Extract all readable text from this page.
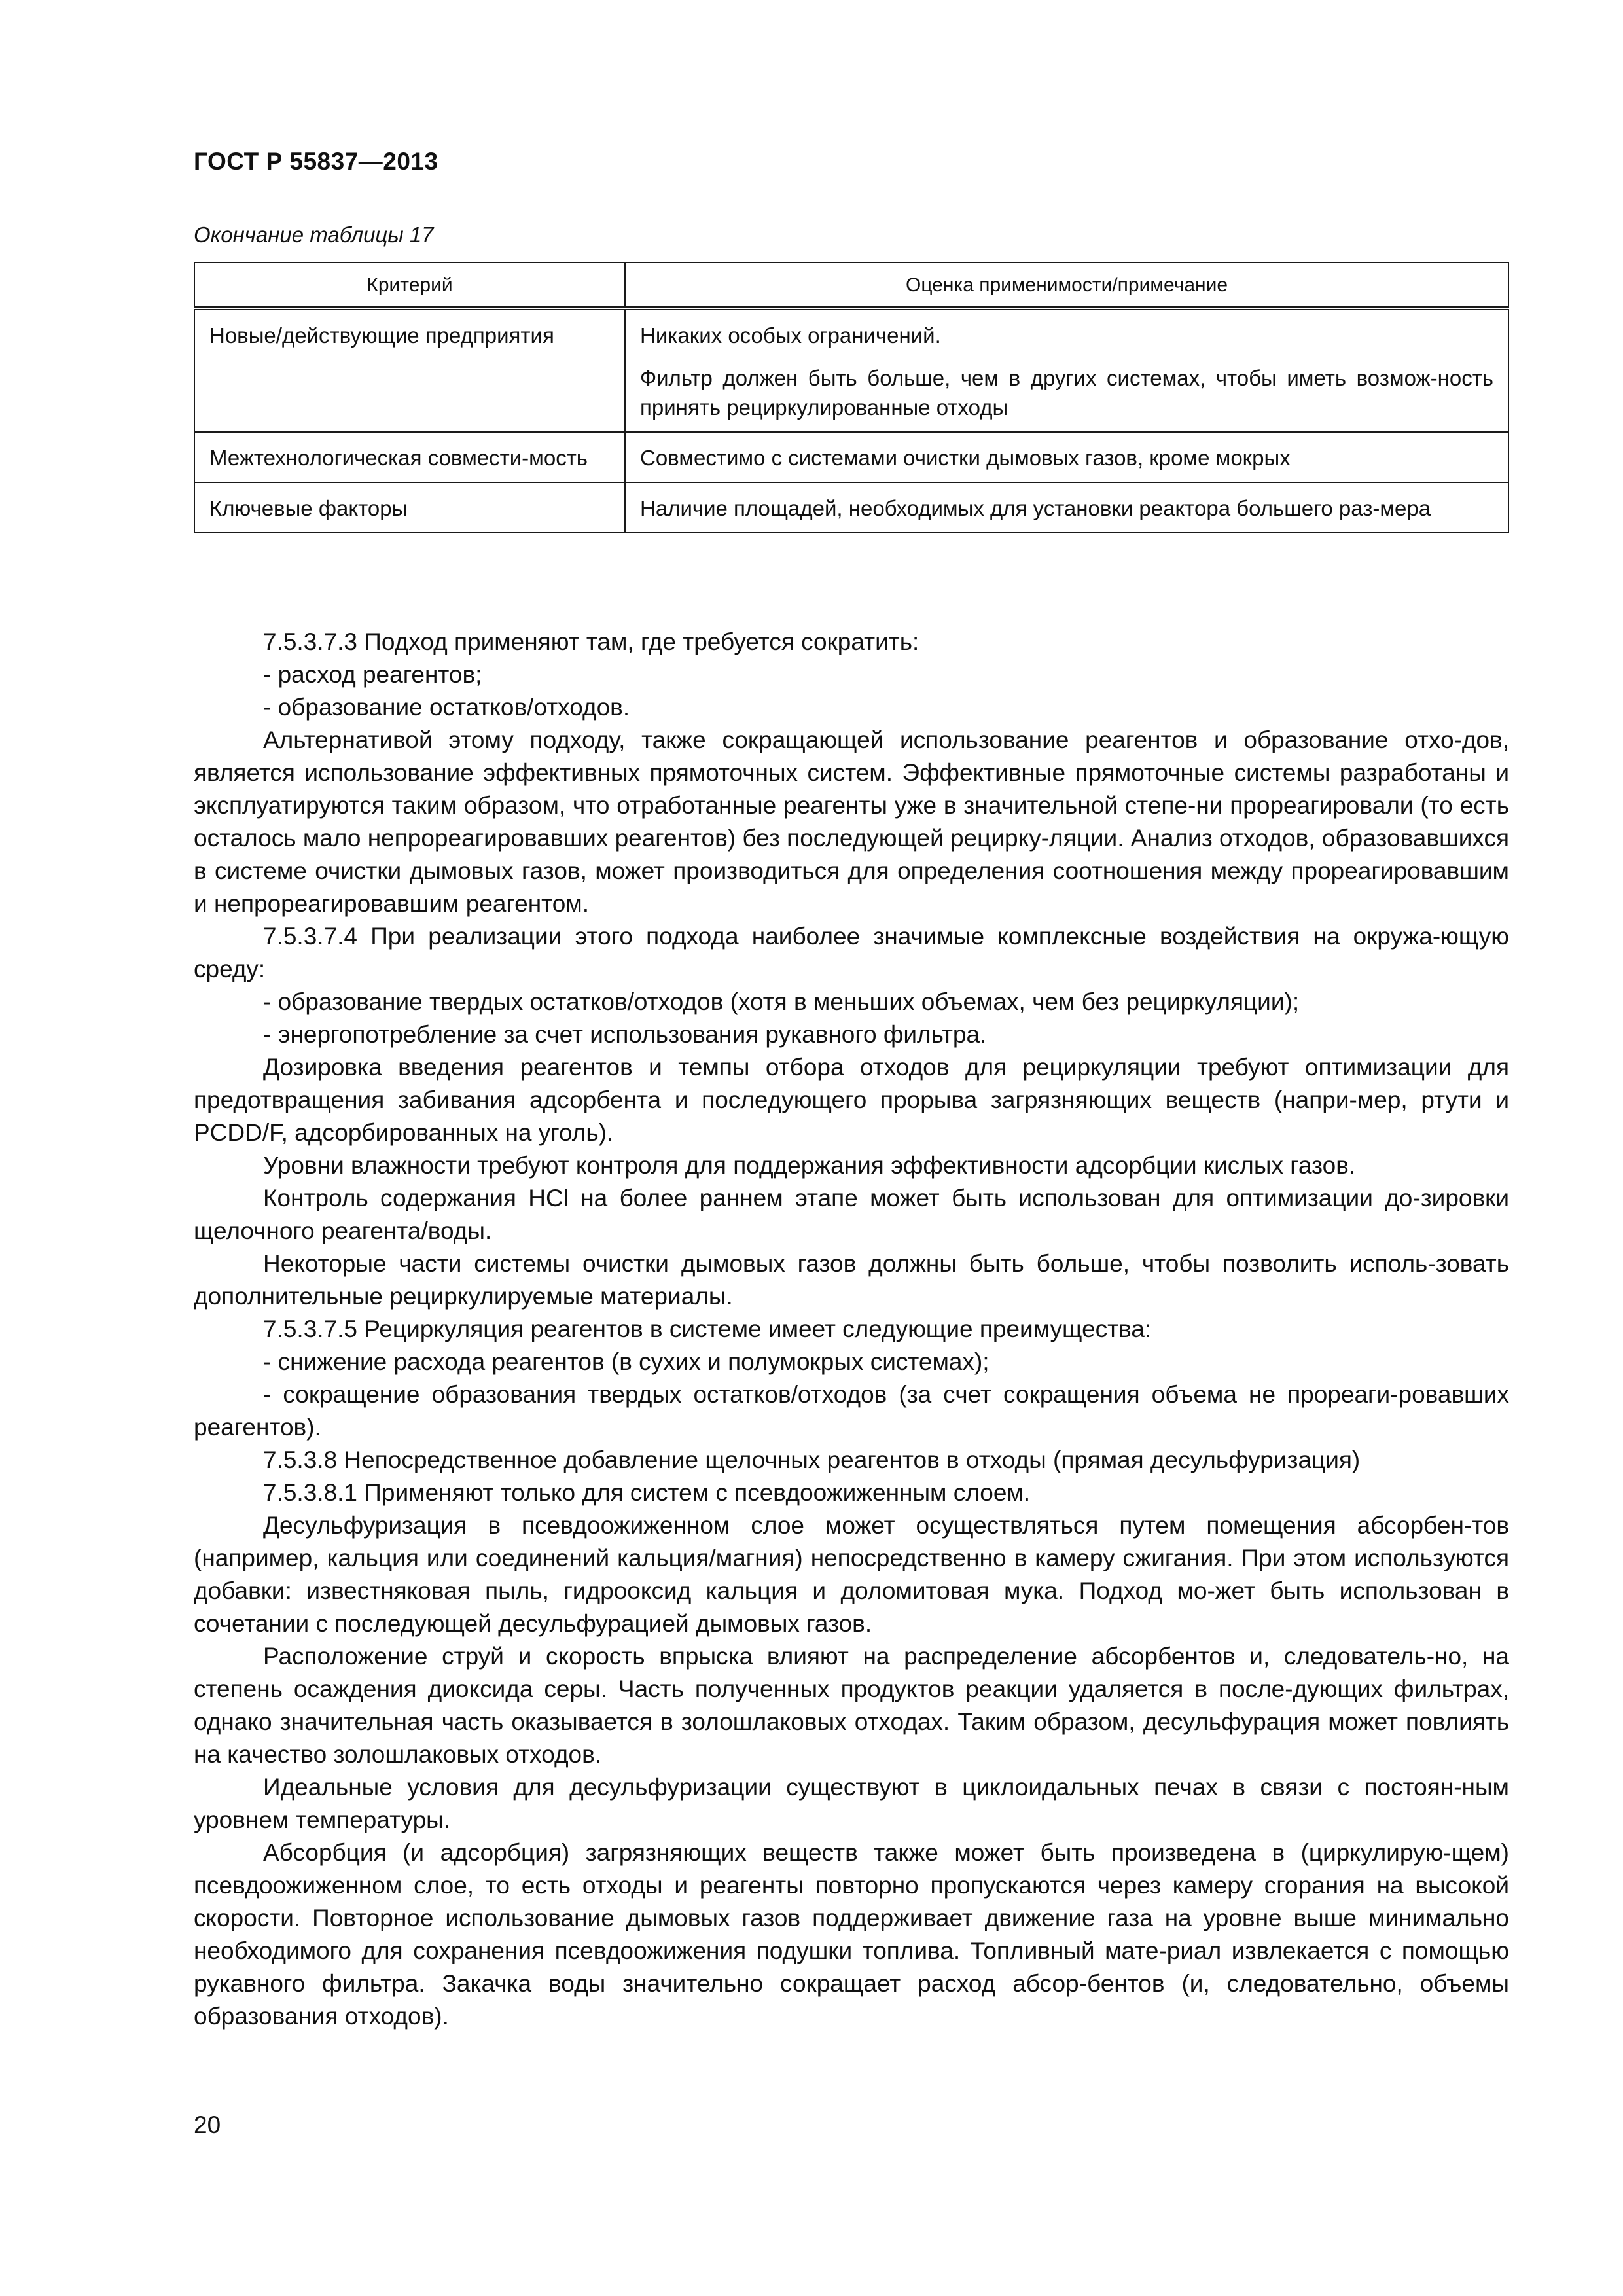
ГОСТ Р 55837—2013
Окончание таблицы 17
Критерий	Оценка применимости/примечание

Новые/действующие предприятия	Никаких особых ограничений.
Фильтр должен быть больше, чем в других системах, чтобы иметь возмож-ность принять рециркулированные отходы

Межтехнологическая совмести-мость	Совместимо с системами очистки дымовых газов, кроме мокрых

Ключевые факторы	Наличие площадей, необходимых для установки реактора большего раз-мера

7.5.3.7.3 Подход применяют там, где требуется сократить:

- расход реагентов;

- образование остатков/отходов.

Альтернативой этому подходу, также сокращающей использование реагентов и образование отхо-дов, является использование эффективных прямоточных систем. Эффективные прямоточные системы разработаны и эксплуатируются таким образом, что отработанные реагенты уже в значительной степе-ни прореагировали (то есть осталось мало непрореагировавших реагентов) без последующей рецирку-ляции. Анализ отходов, образовавшихся в системе очистки дымовых газов, может производиться для определения соотношения между прореагировавшим и непрореагировавшим реагентом.

7.5.3.7.4 При реализации этого подхода наиболее значимые комплексные воздействия на окружа-ющую среду:

- образование твердых остатков/отходов (хотя в меньших объемах, чем без рециркуляции);

- энергопотребление за счет использования рукавного фильтра.

Дозировка введения реагентов и темпы отбора отходов для рециркуляции требуют оптимизации для предотвращения забивания адсорбента и последующего прорыва загрязняющих веществ (напри-мер, ртути и PCDD/F, адсорбированных на уголь).

Уровни влажности требуют контроля для поддержания эффективности адсорбции кислых газов.

Контроль содержания HCl на более раннем этапе может быть использован для оптимизации до-зировки щелочного реагента/воды.

Некоторые части системы очистки дымовых газов должны быть больше, чтобы позволить исполь-зовать дополнительные рециркулируемые материалы.

7.5.3.7.5 Рециркуляция реагентов в системе имеет следующие преимущества:

- снижение расхода реагентов (в сухих и полумокрых системах);

- сокращение образования твердых остатков/отходов (за счет сокращения объема не прореаги-ровавших реагентов).

7.5.3.8 Непосредственное добавление щелочных реагентов в отходы (прямая десульфуризация)

7.5.3.8.1 Применяют только для систем с псевдоожиженным слоем.

Десульфуризация в псевдоожиженном слое может осуществляться путем помещения абсорбен-тов (например, кальция или соединений кальция/магния) непосредственно в камеру сжигания. При этом используются добавки: известняковая пыль, гидрооксид кальция и доломитовая мука. Подход мо-жет быть использован в сочетании с последующей десульфурацией дымовых газов.

Расположение струй и скорость впрыска влияют на распределение абсорбентов и, следователь-но, на степень осаждения диоксида серы. Часть полученных продуктов реакции удаляется в после-дующих фильтрах, однако значительная часть оказывается в золошлаковых отходах. Таким образом, десульфурация может повлиять на качество золошлаковых отходов.

Идеальные условия для десульфуризации существуют в циклоидальных печах в связи с постоян-ным уровнем температуры.

Абсорбция (и адсорбция) загрязняющих веществ также может быть произведена в (циркулирую-щем) псевдоожиженном слое, то есть отходы и реагенты повторно пропускаются через камеру сгорания на высокой скорости. Повторное использование дымовых газов поддерживает движение газа на уровне выше минимально необходимого для сохранения псевдоожижения подушки топлива. Топливный мате-риал извлекается с помощью рукавного фильтра. Закачка воды значительно сокращает расход абсор-бентов (и, следовательно, объемы образования отходов).

20
